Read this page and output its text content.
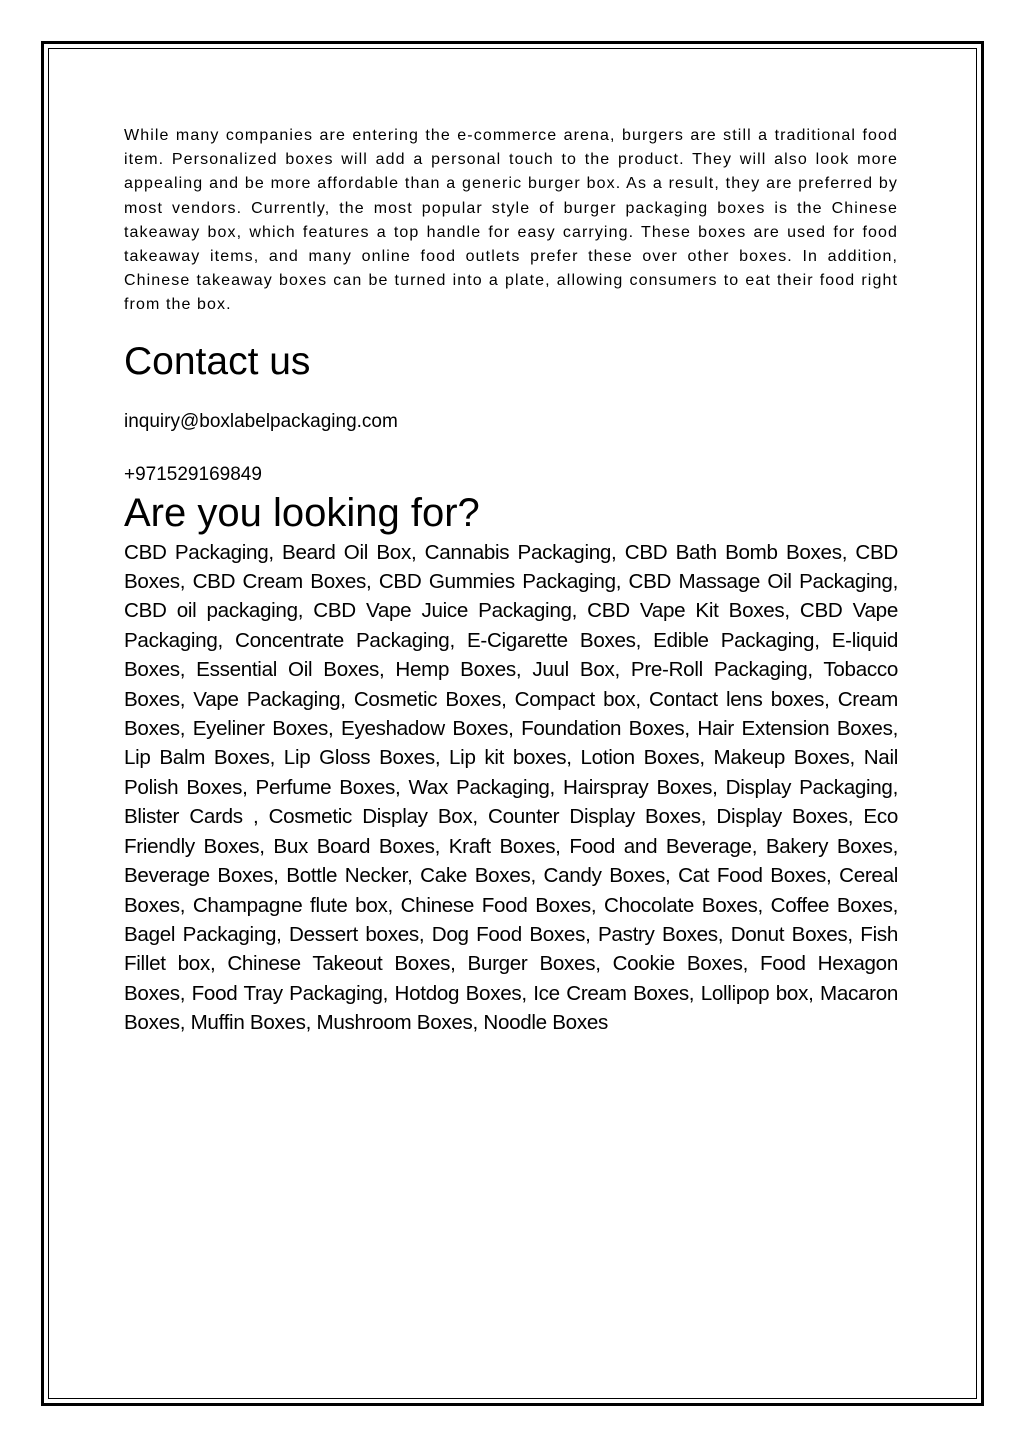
While many companies are entering the e-commerce arena, burgers are still a traditional food item. Personalized boxes will add a personal touch to the product. They will also look more appealing and be more affordable than a generic burger box. As a result, they are preferred by most vendors. Currently, the most popular style of burger packaging boxes is the Chinese takeaway box, which features a top handle for easy carrying. These boxes are used for food takeaway items, and many online food outlets prefer these over other boxes. In addition, Chinese takeaway boxes can be turned into a plate, allowing consumers to eat their food right from the box.

Contact us

inquiry@boxlabelpackaging.com

+971529169849

Are you looking for?

CBD Packaging, Beard Oil Box, Cannabis Packaging, CBD Bath Bomb Boxes, CBD Boxes, CBD Cream Boxes, CBD Gummies Packaging, CBD Massage Oil Packaging, CBD oil packaging, CBD Vape Juice Packaging, CBD Vape Kit Boxes, CBD Vape Packaging, Concentrate Packaging, E-Cigarette Boxes, Edible Packaging, E-liquid Boxes, Essential Oil Boxes, Hemp Boxes, Juul Box, Pre-Roll Packaging, Tobacco Boxes, Vape Packaging, Cosmetic Boxes, Compact box, Contact lens boxes, Cream Boxes, Eyeliner Boxes, Eyeshadow Boxes, Foundation Boxes, Hair Extension Boxes, Lip Balm Boxes, Lip Gloss Boxes, Lip kit boxes, Lotion Boxes, Makeup Boxes, Nail Polish Boxes, Perfume Boxes, Wax Packaging, Hairspray Boxes, Display Packaging, Blister Cards , Cosmetic Display Box, Counter Display Boxes, Display Boxes, Eco Friendly Boxes, Bux Board Boxes, Kraft Boxes, Food and Beverage, Bakery Boxes, Beverage Boxes, Bottle Necker, Cake Boxes, Candy Boxes, Cat Food Boxes, Cereal Boxes, Champagne flute box, Chinese Food Boxes, Chocolate Boxes, Coffee Boxes, Bagel Packaging, Dessert boxes, Dog Food Boxes, Pastry Boxes, Donut Boxes, Fish Fillet box, Chinese Takeout Boxes, Burger Boxes, Cookie Boxes, Food Hexagon Boxes, Food Tray Packaging, Hotdog Boxes, Ice Cream Boxes, Lollipop box, Macaron Boxes, Muffin Boxes, Mushroom Boxes, Noodle Boxes
